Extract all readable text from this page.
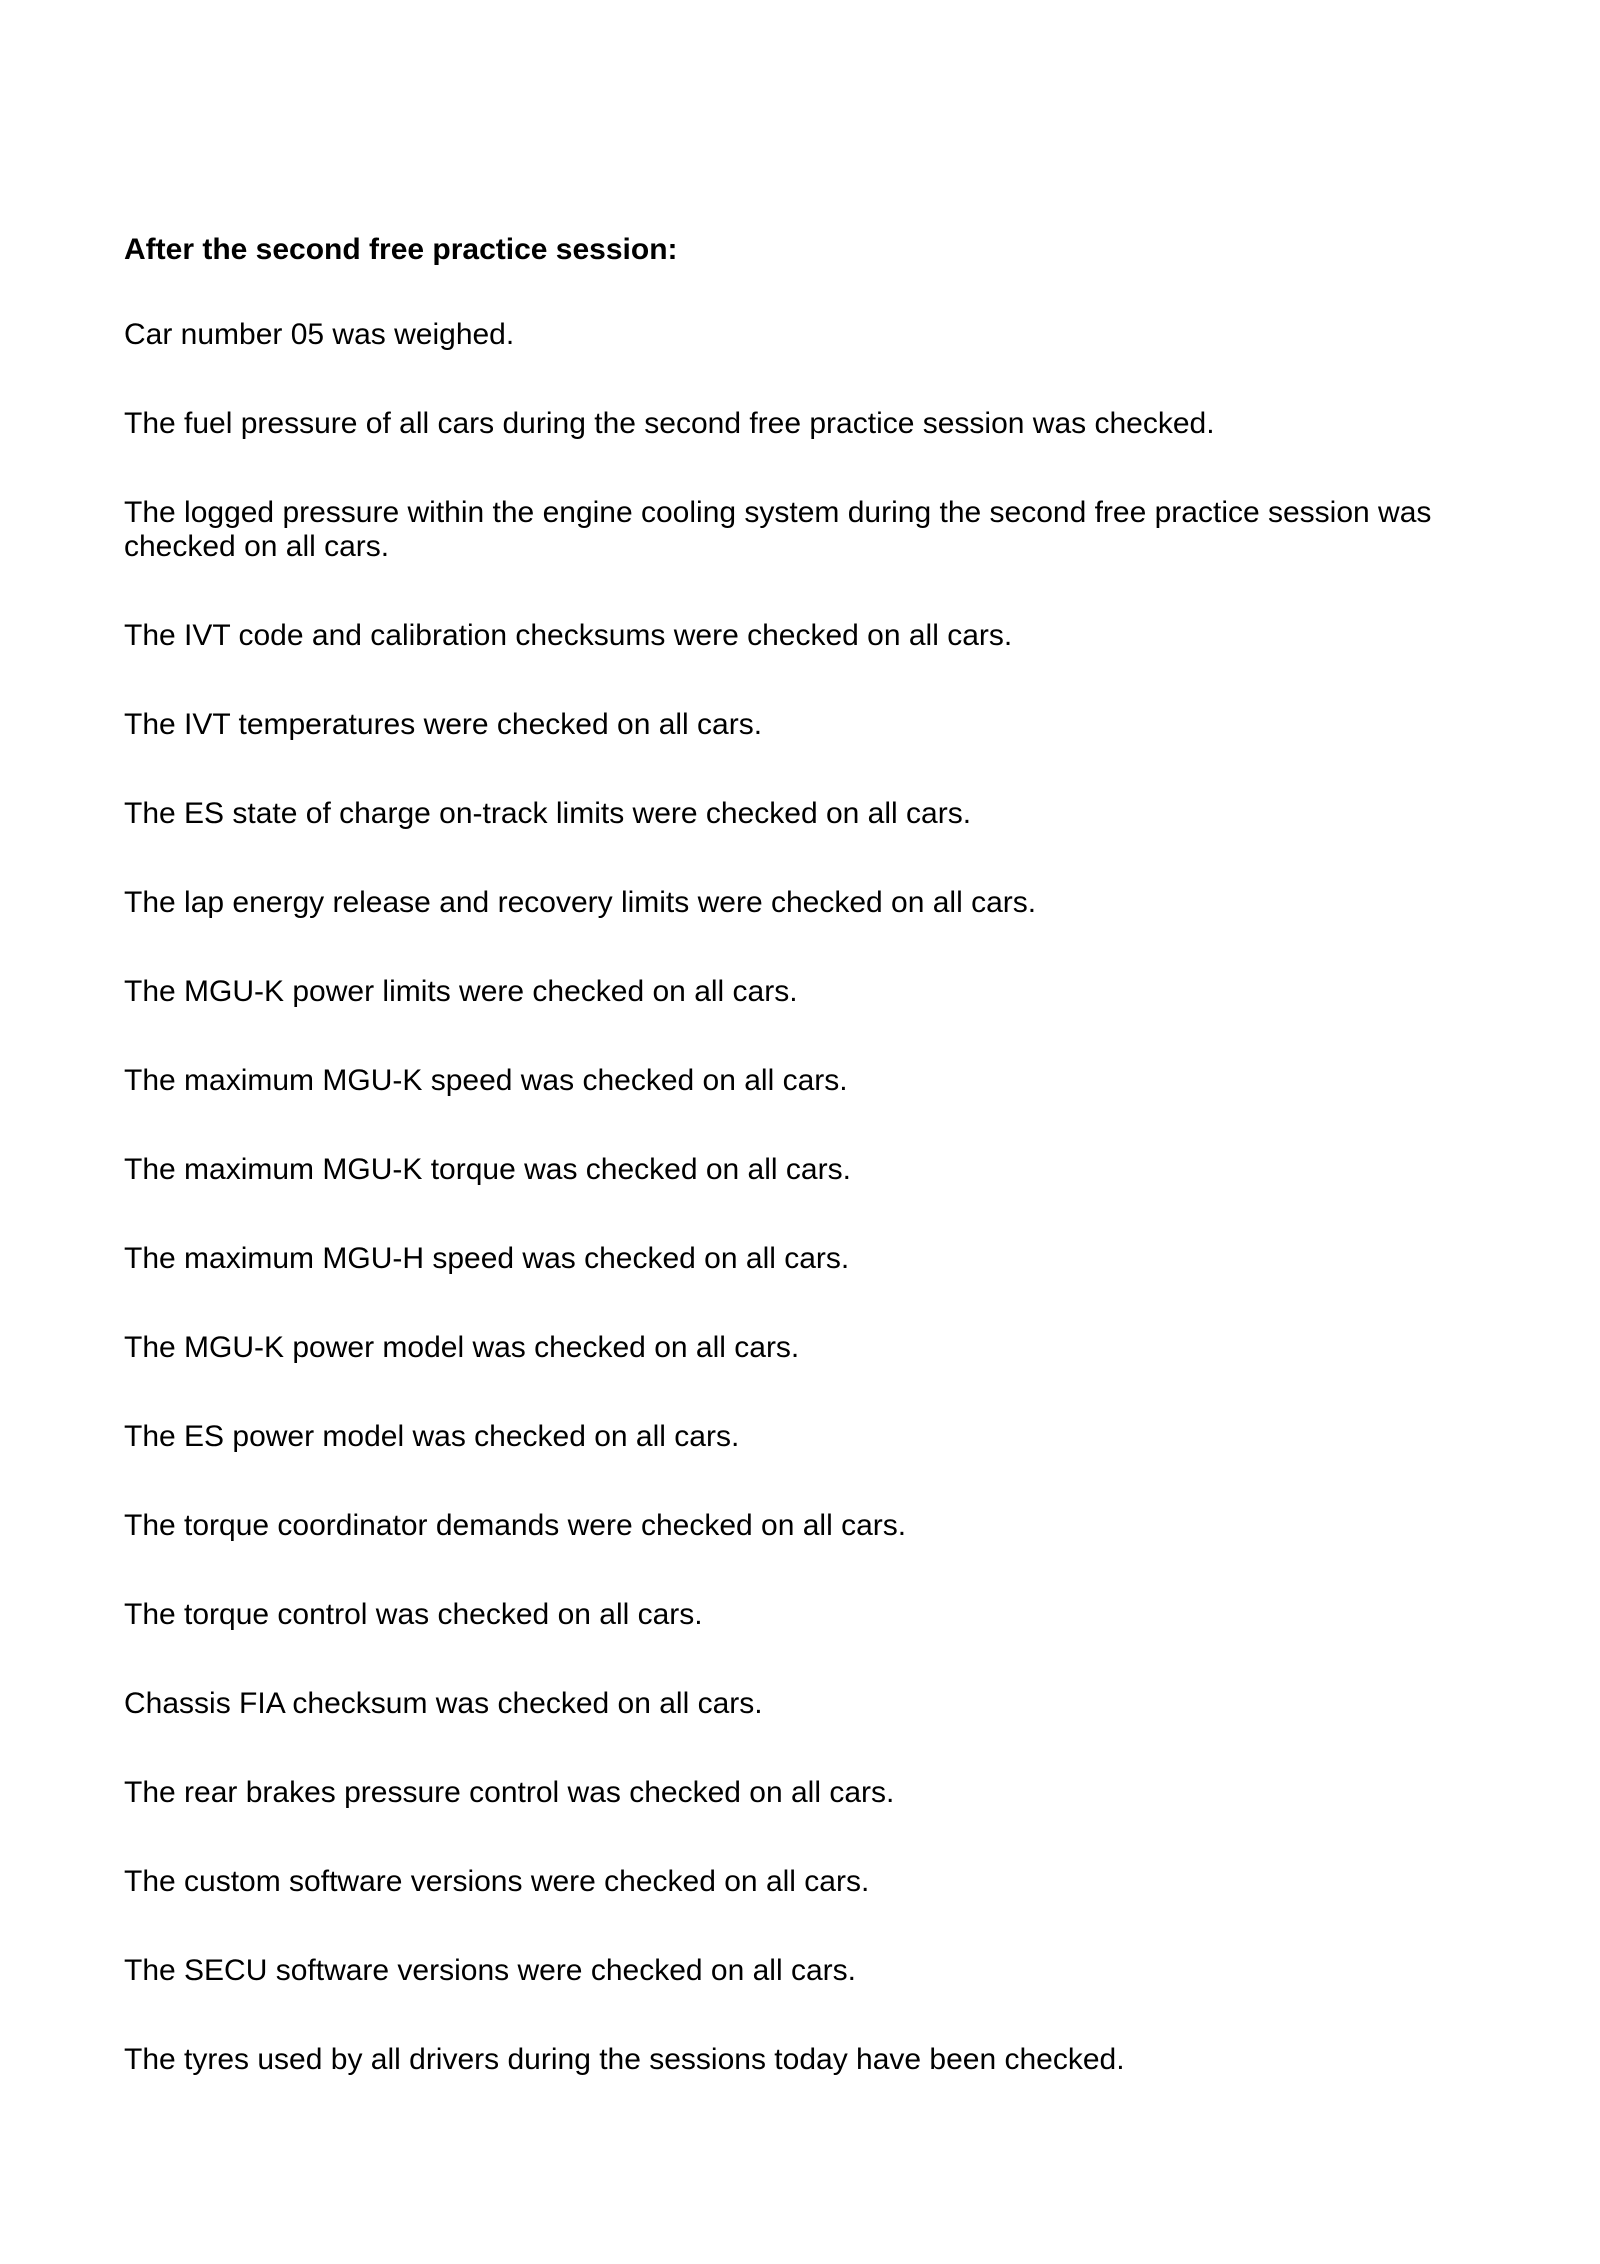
After the second free practice session:
Car number 05 was weighed.
The fuel pressure of all cars during the second free practice session was checked.
The logged pressure within the engine cooling system during the second free practice session was checked on all cars.
The IVT code and calibration checksums were checked on all cars.
The IVT temperatures were checked on all cars.
The ES state of charge on-track limits were checked on all cars.
The lap energy release and recovery limits were checked on all cars.
The MGU-K power limits were checked on all cars.
The maximum MGU-K speed was checked on all cars.
The maximum MGU-K torque was checked on all cars.
The maximum MGU-H speed was checked on all cars.
The MGU-K power model was checked on all cars.
The ES power model was checked on all cars.
The torque coordinator demands were checked on all cars.
The torque control was checked on all cars.
Chassis FIA checksum was checked on all cars.
The rear brakes pressure control was checked on all cars.
The custom software versions were checked on all cars.
The SECU software versions were checked on all cars.
The tyres used by all drivers during the sessions today have been checked.
